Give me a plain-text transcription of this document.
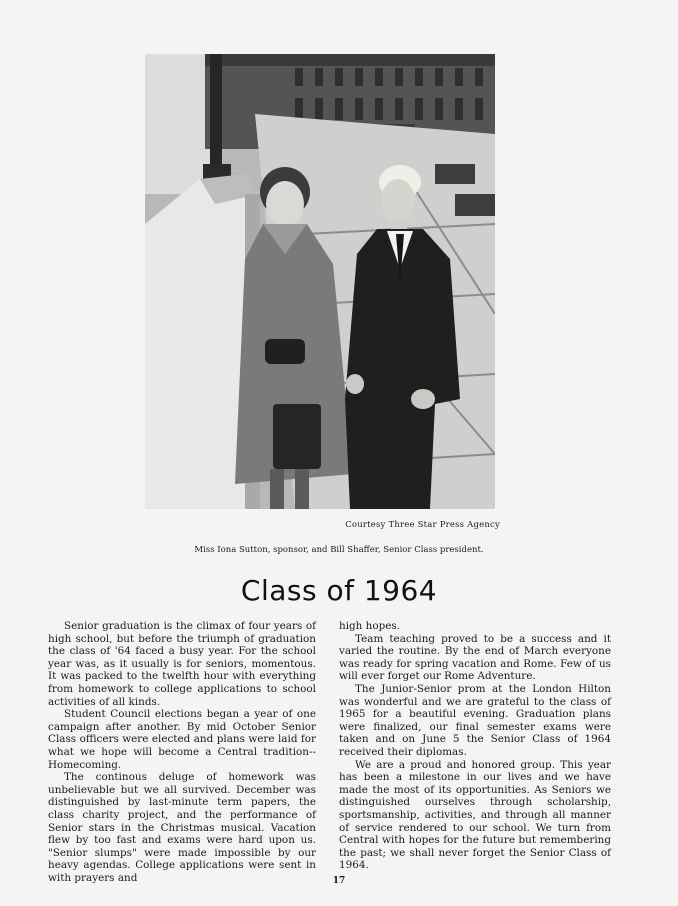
Courtesy Three Star Press Agency
Miss Iona Sutton, sponsor, and Bill Shaffer, Senior Class president.
Class of 1964

Senior graduation is the climax of four years of high school, but before the triumph of graduation the class of '64 faced a busy year. For the school year was, as it usually is for seniors, momentous. It was packed to the twelfth hour with everything from homework to college applications to school activities of all kinds.

Student Council elections began a year of one campaign after another. By mid October Senior Class officers were elected and plans were laid for what we hope will become a Central tradition-- Homecoming.

The continous deluge of homework was unbelievable but we all survived. December was distinguished by last-minute term papers, the class charity project, and the performance of Senior stars in the Christmas musical. Vacation flew by too fast and exams were hard upon us. "Senior slumps" were made impossible by our heavy agendas. College applications were sent in with prayers and

high hopes.

Team teaching proved to be a success and it varied the routine. By the end of March everyone was ready for spring vacation and Rome. Few of us will ever forget our Rome Adventure.

The Junior-Senior prom at the London Hilton was wonderful and we are grateful to the class of 1965 for a beautiful evening. Graduation plans were finalized, our final semester exams were taken and on June 5 the Senior Class of 1964 received their diplomas.

We are a proud and honored group. This year has been a milestone in our lives and we have made the most of its opportunities. As Seniors we distinguished ourselves through scholarship, sportsmanship, activities, and through all manner of service rendered to our school. We turn from Central with hopes for the future but remembering the past; we shall never forget the Senior Class of 1964.

17
